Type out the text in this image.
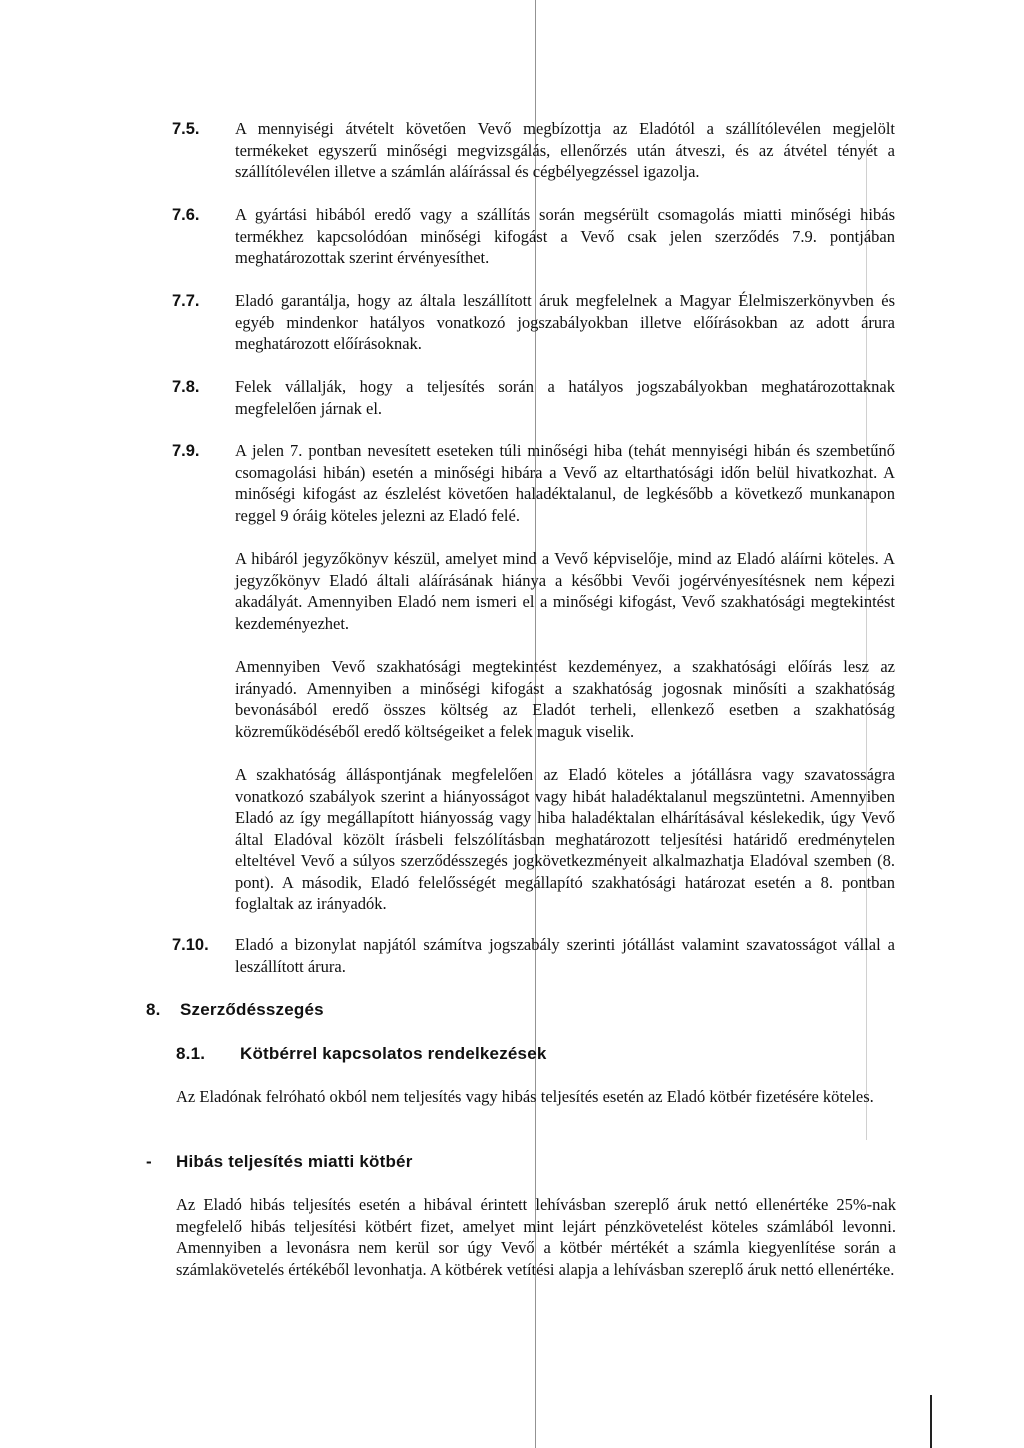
7.5. A mennyiségi átvételt követően Vevő megbízottja az Eladótól a szállítólevélen megjelölt termékeket egyszerű minőségi megvizsgálás, ellenőrzés után átveszi, és az átvétel tényét a szállítólevélen illetve a számlán aláírással és cégbélyegzéssel igazolja.
7.6. A gyártási hibából eredő vagy a szállítás során megsérült csomagolás miatti minőségi hibás termékhez kapcsolódóan minőségi kifogást a Vevő csak jelen szerződés 7.9. pontjában meghatározottak szerint érvényesíthet.
7.7. Eladó garantálja, hogy az általa leszállított áruk megfelelnek a Magyar Élelmiszerkönyvben és egyéb mindenkor hatályos vonatkozó jogszabályokban illetve előírásokban az adott árura meghatározott előírásoknak.
7.8. Felek vállalják, hogy a teljesítés során a hatályos jogszabályokban meghatározottaknak megfelelően járnak el.
7.9. A jelen 7. pontban nevesített eseteken túli minőségi hiba (tehát mennyiségi hibán és szembetűnő csomagolási hibán) esetén a minőségi hibára a Vevő az eltarthatósági időn belül hivatkozhat. A minőségi kifogást az észlelést követően haladéktalanul, de legkésőbb a következő munkanapon reggel 9 óráig köteles jelezni az Eladó felé.
A hibáról jegyzőkönyv készül, amelyet mind a Vevő képviselője, mind az Eladó aláírni köteles. A jegyzőkönyv Eladó általi aláírásának hiánya a későbbi Vevői jogérvényesítésnek nem képezi akadályát. Amennyiben Eladó nem ismeri el a minőségi kifogást, Vevő szakhatósági megtekintést kezdeményezhet.
Amennyiben Vevő szakhatósági megtekintést kezdeményez, a szakhatósági előírás lesz az irányadó. Amennyiben a minőségi kifogást a szakhatóság jogosnak minősíti a szakhatóság bevonásából eredő összes költség az Eladót terheli, ellenkező esetben a szakhatóság közreműködéséből eredő költségeiket a felek maguk viselik.
A szakhatóság álláspontjának megfelelően az Eladó köteles a jótállásra vagy szavatosságra vonatkozó szabályok szerint a hiányosságot vagy hibát haladéktalanul megszüntetni. Amennyiben Eladó az így megállapított hiányosság vagy hiba haladéktalan elhárításával késlekedik, úgy Vevő által Eladóval közölt írásbeli felszólításban meghatározott teljesítési határidő eredménytelen elteltével Vevő a súlyos szerződésszegés jogkövetkezményeit alkalmazhatja Eladóval szemben (8. pont). A második, Eladó felelősségét megállapító szakhatósági határozat esetén a 8. pontban foglaltak az irányadók.
7.10. Eladó a bizonylat napjától számítva jogszabály szerinti jótállást valamint szavatosságot vállal a leszállított árura.
8. Szerződésszegés
8.1. Kötbérrel kapcsolatos rendelkezések
Az Eladónak felróható okból nem teljesítés vagy hibás teljesítés esetén az Eladó kötbér fizetésére köteles.
- Hibás teljesítés miatti kötbér
Az Eladó hibás teljesítés esetén a hibával érintett lehívásban szereplő áruk nettó ellenértéke 25%-nak megfelelő hibás teljesítési kötbért fizet, amelyet mint lejárt pénzkövetelést köteles számlából levonni. Amennyiben a levonásra nem kerül sor úgy Vevő a kötbér mértékét a számla kiegyenlítése során a számlakövetelés értékéből levonhatja. A kötbérek vetítési alapja a lehívásban szereplő áruk nettó ellenértéke.
